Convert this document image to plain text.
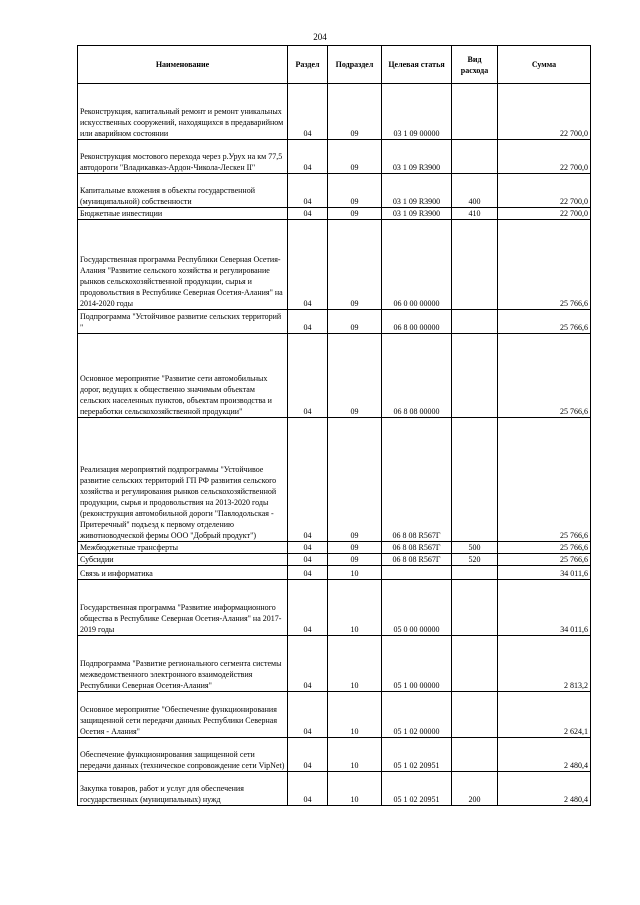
204
Наименование	Раздел	Подраздел	Целевая статья	Вид расхода	Сумма
Реконструкция, капитальный ремонт и ремонт уникальных искусственных сооружений, находящихся в предаварийном или аварийном состоянии	04	09	03 1 09 00000		22 700,0
Реконструкция мостового перехода через р.Урух на км 77,5 автодороги "Владикавказ-Ардон-Чикола-Лескен II"	04	09	03 1 09 R3900		22 700,0
Капитальные вложения в объекты государственной (муниципальной) собственности	04	09	03 1 09 R3900	400	22 700,0
Бюджетные инвестиции	04	09	03 1 09 R3900	410	22 700,0
Государственная программа Республики Северная Осетия-Алания "Развитие сельского хозяйства и регулирование рынков сельскохозяйственной продукции, сырья и продовольствия в Республике Северная Осетия-Алания" на 2014-2020 годы	04	09	06 0 00 00000		25 766,6
Подпрограмма "Устойчивое развитие сельских территорий "	04	09	06 8 00 00000		25 766,6
Основное мероприятие "Развитие сети автомобильных дорог, ведущих к общественно значимым объектам сельских населенных пунктов, объектам производства и переработки сельскохозяйственной продукции"	04	09	06 8 08 00000		25 766,6
Реализация мероприятий подпрограммы "Устойчивое развитие сельских территорий ГП РФ развития сельского хозяйства и регулирования рынков сельскохозяйственной продукции, сырья и продовольствия на 2013-2020 годы (реконструкция автомобильной дороги "Павлодольская - Притеречный" подъезд к первому отделению животноводческой фермы ООО "Добрый продукт")	04	09	06 8 08 R567Г		25 766,6
Межбюджетные трансферты	04	09	06 8 08 R567Г	500	25 766,6
Субсидии	04	09	06 8 08 R567Г	520	25 766,6
Связь и информатика	04	10			34 011,6
Государственная программа "Развитие информационного общества в Республике Северная Осетия-Алания" на 2017-2019 годы	04	10	05 0 00 00000		34 011,6
Подпрограмма "Развитие регионального сегмента системы межведомственного электронного взаимодействия Республики Северная Осетия-Алания"	04	10	05 1 00 00000		2 813,2
Основное мероприятие "Обеспечение функционирования защищенной сети передачи данных Республики Северная Осетия - Алания"	04	10	05 1 02 00000		2 624,1
Обеспечение функционирования защищенной сети передачи данных (техническое сопровождение сети VipNet)	04	10	05 1 02 20951		2 480,4
Закупка товаров, работ и услуг для обеспечения государственных (муниципальных) нужд	04	10	05 1 02 20951	200	2 480,4
